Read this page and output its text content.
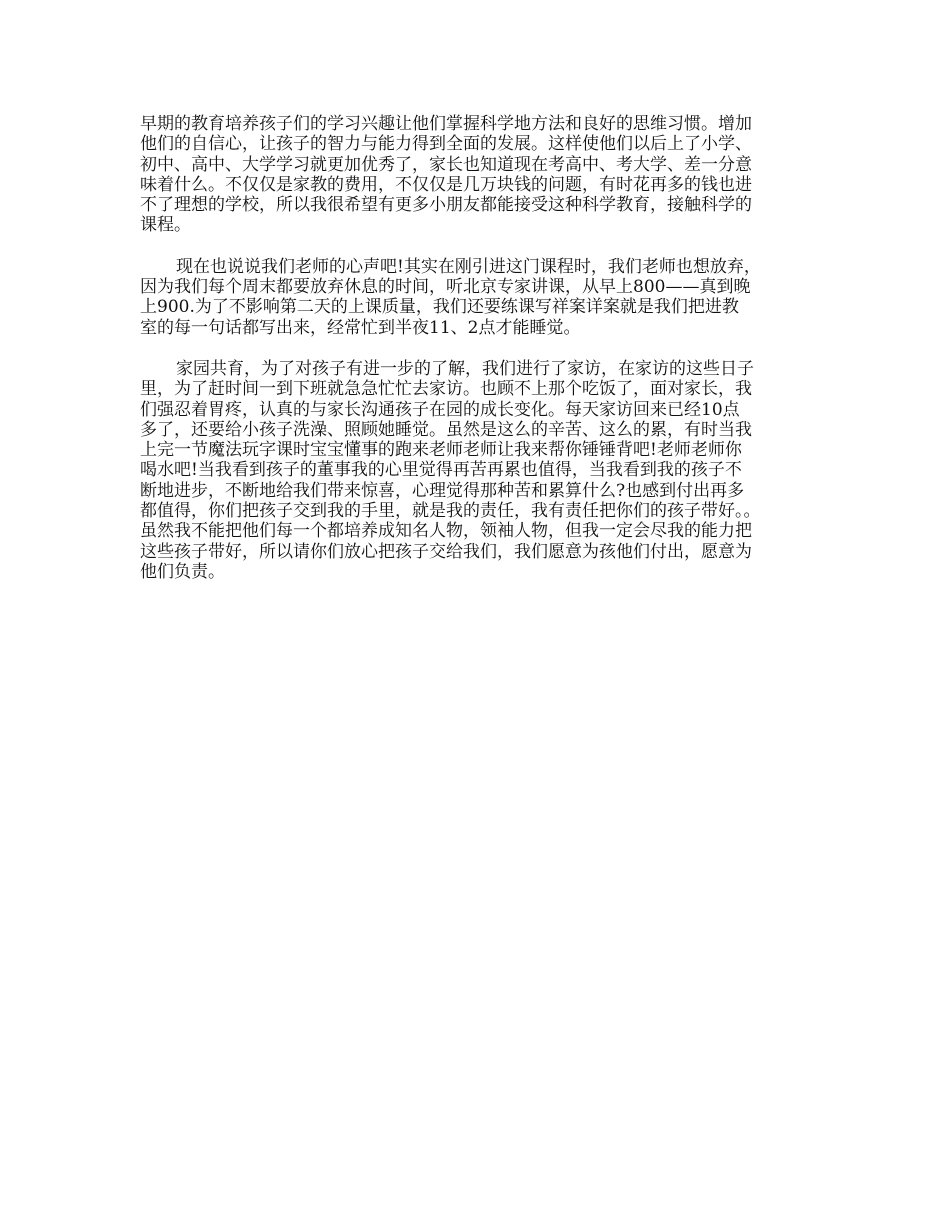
早期的教育培养孩子们的学习兴趣让他们掌握科学地方法和良好的思维习惯。增加
他们的自信心，让孩子的智力与能力得到全面的发展。这样使他们以后上了小学、
初中、高中、大学学习就更加优秀了，家长也知道现在考高中、考大学、差一分意
味着什么。不仅仅是家教的费用，不仅仅是几万块钱的问题，有时花再多的钱也进
不了理想的学校，所以我很希望有更多小朋友都能接受这种科学教育，接触科学的
课程。
现在也说说我们老师的心声吧!其实在刚引进这门课程时，我们老师也想放弃，
因为我们每个周末都要放弃休息的时间，听北京专家讲课，从早上800——真到晚
上900.为了不影响第二天的上课质量，我们还要练课写祥案详案就是我们把进教
室的每一句话都写出来，经常忙到半夜11、2点才能睡觉。
家园共育，为了对孩子有进一步的了解，我们进行了家访，在家访的这些日子
里，为了赶时间一到下班就急急忙忙去家访。也顾不上那个吃饭了，面对家长，我
们强忍着胃疼，认真的与家长沟通孩子在园的成长变化。每天家访回来已经10点
多了，还要给小孩子洗澡、照顾她睡觉。虽然是这么的辛苦、这么的累，有时当我
上完一节魔法玩字课时宝宝懂事的跑来老师老师让我来帮你锤锤背吧!老师老师你
喝水吧!当我看到孩子的董事我的心里觉得再苦再累也值得，当我看到我的孩子不
断地进步，不断地给我们带来惊喜，心理觉得那种苦和累算什么?也感到付出再多
都值得，你们把孩子交到我的手里，就是我的责任，我有责任把你们的孩子带好。。
虽然我不能把他们每一个都培养成知名人物，领袖人物，但我一定会尽我的能力把
这些孩子带好，所以请你们放心把孩子交给我们，我们愿意为孩他们付出，愿意为
他们负责。
